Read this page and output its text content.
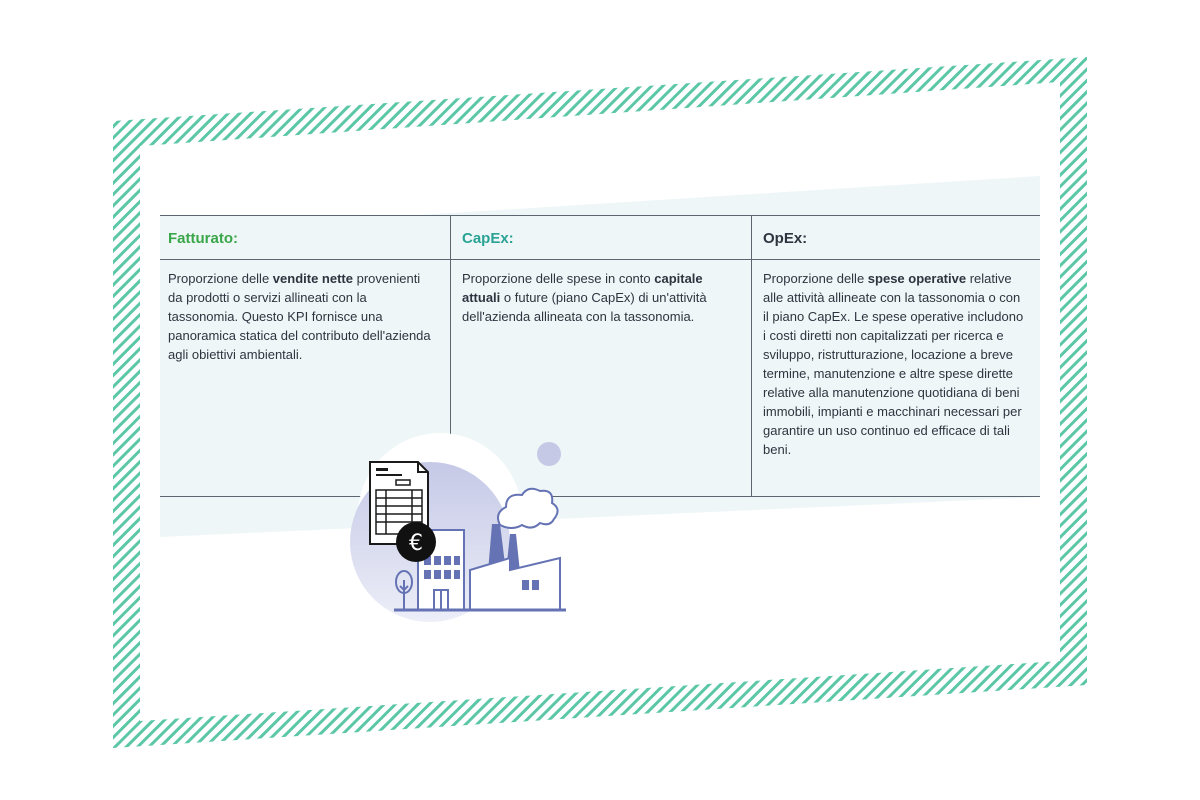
Fatturato:
Proporzione delle vendite nette provenienti da prodotti o servizi allineati con la tassonomia. Questo KPI fornisce una panoramica statica del contributo dell'azienda agli obiettivi ambientali.
CapEx:
Proporzione delle spese in conto capitale attuali o future (piano CapEx) di un'attività dell'azienda allineata con la tassonomia.
OpEx:
Proporzione delle spese operative relative alle attività allineate con la tassonomia o con il piano CapEx. Le spese operative includono i costi diretti non capitalizzati per ricerca e sviluppo, ristrutturazione, locazione a breve termine, manutenzione e altre spese dirette relative alla manutenzione quotidiana di beni immobili, impianti e macchinari necessari per garantire un uso continuo ed efficace di tali beni.
€
